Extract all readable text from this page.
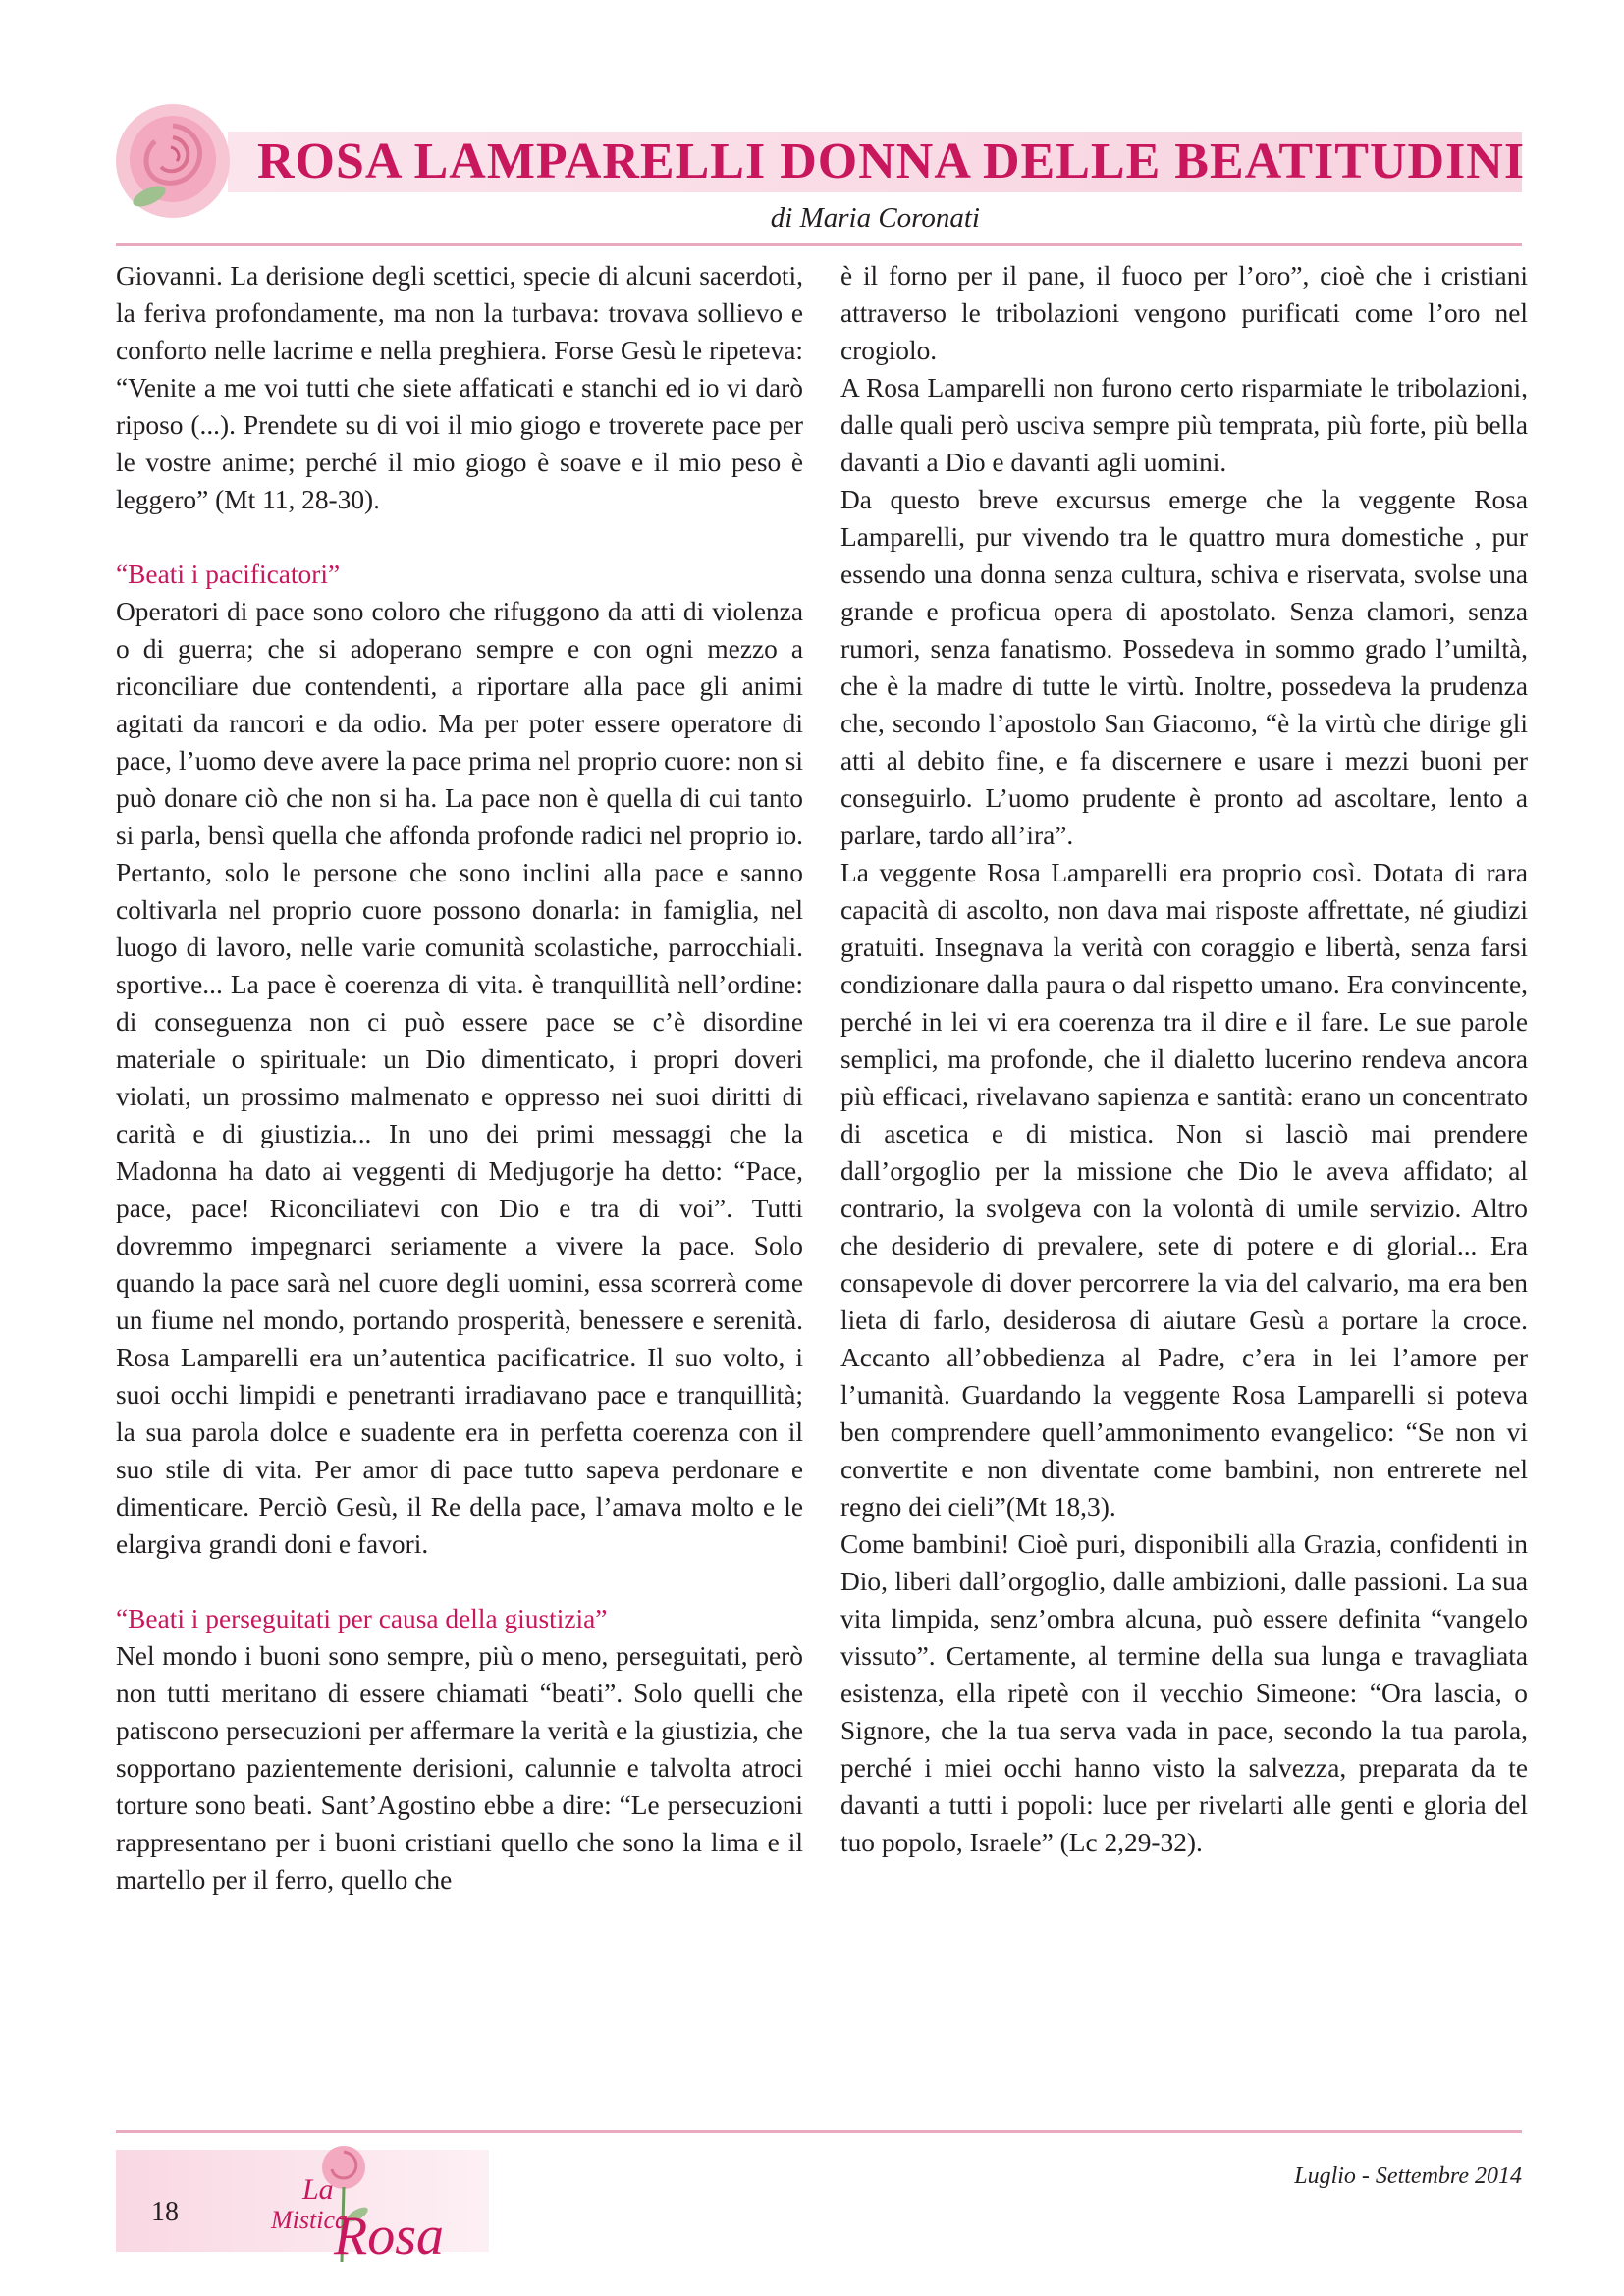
ROSA LAMPARELLI DONNA DELLE BEATITUDINI
di Maria Coronati

Giovanni. La derisione degli scettici, specie di alcuni sacerdoti, la feriva profondamente, ma non la turbava: trovava sollievo e conforto nelle lacrime e nella preghiera. Forse Gesù le ripeteva: “Venite a me voi tutti che siete affaticati e stanchi ed io vi darò riposo (...). Prendete su di voi il mio giogo e troverete pace per le vostre anime; perché il mio giogo è soave e il mio peso è leggero” (Mt 11, 28-30).

“Beati i pacificatori”

Operatori di pace sono coloro che rifuggono da atti di violenza o di guerra; che si adoperano sempre e con ogni mezzo a riconciliare due contendenti, a riportare alla pace gli animi agitati da rancori e da odio. Ma per poter essere operatore di pace, l’uomo deve avere la pace prima nel proprio cuore: non si può donare ciò che non si ha. La pace non è quella di cui tanto si parla, bensì quella che affonda profonde radici nel proprio io. Pertanto, solo le persone che sono inclini alla pace e sanno coltivarla nel proprio cuore possono donarla: in famiglia, nel luogo di lavoro, nelle varie comunità scolastiche, parrocchiali. sportive... La pace è coerenza di vita. è tranquillità nell’ordine: di conseguenza non ci può essere pace se c’è disordine materiale o spirituale: un Dio dimenticato, i propri doveri violati, un prossimo malmenato e oppresso nei suoi diritti di carità e di giustizia... In uno dei primi messaggi che la Madonna ha dato ai veggenti di Medjugorje ha detto: “Pace, pace, pace! Riconciliatevi con Dio e tra di voi”. Tutti dovremmo impegnarci seriamente a vivere la pace. Solo quando la pace sarà nel cuore degli uomini, essa scorrerà come un fiume nel mondo, portando prosperità, benessere e serenità. Rosa Lamparelli era un’autentica pacificatrice. Il suo volto, i suoi occhi limpidi e penetranti irradiavano pace e tranquillità; la sua parola dolce e suadente era in perfetta coerenza con il suo stile di vita. Per amor di pace tutto sapeva perdonare e dimenticare. Perciò Gesù, il Re della pace, l’amava molto e le elargiva grandi doni e favori.

“Beati i perseguitati per causa della giustizia”

Nel mondo i buoni sono sempre, più o meno, perseguitati, però non tutti meritano di essere chiamati “beati”. Solo quelli che patiscono persecuzioni per affermare la verità e la giustizia, che sopportano pazientemente derisioni, calunnie e talvolta atroci torture sono beati. Sant’Agostino ebbe a dire: “Le persecuzioni rappresentano per i buoni cristiani quello che sono la lima e il martello per il ferro, quello che

è il forno per il pane, il fuoco per l’oro”, cioè che i cristiani attraverso le tribolazioni vengono purificati come l’oro nel crogiolo.

A Rosa Lamparelli non furono certo risparmiate le tribolazioni, dalle quali però usciva sempre più temprata, più forte, più bella davanti a Dio e davanti agli uomini.

Da questo breve excursus emerge che la veggente Rosa Lamparelli, pur vivendo tra le quattro mura domestiche , pur essendo una donna senza cultura, schiva e riservata, svolse una grande e proficua opera di apostolato. Senza clamori, senza rumori, senza fanatismo. Possedeva in sommo grado l’umiltà, che è la madre di tutte le virtù. Inoltre, possedeva la prudenza che, secondo l’apostolo San Giacomo, “è la virtù che dirige gli atti al debito fine, e fa discernere e usare i mezzi buoni per conseguirlo. L’uomo prudente è pronto ad ascoltare, lento a parlare, tardo all’ira”.

La veggente Rosa Lamparelli era proprio così. Dotata di rara capacità di ascolto, non dava mai risposte affrettate, né giudizi gratuiti. Insegnava la verità con coraggio e libertà, senza farsi condizionare dalla paura o dal rispetto umano. Era convincente, perché in lei vi era coerenza tra il dire e il fare. Le sue parole semplici, ma profonde, che il dialetto lucerino rendeva ancora più efficaci, rivelavano sapienza e santità: erano un concentrato di ascetica e di mistica. Non si lasciò mai prendere dall’orgoglio per la missione che Dio le aveva affidato; al contrario, la svolgeva con la volontà di umile servizio. Altro che desiderio di prevalere, sete di potere e di glorial... Era consapevole di dover percorrere la via del calvario, ma era ben lieta di farlo, desiderosa di aiutare Gesù a portare la croce. Accanto all’obbedienza al Padre, c’era in lei l’amore per l’umanità. Guardando la veggente Rosa Lamparelli si poteva ben comprendere quell’ammonimento evangelico: “Se non vi convertite e non diventate come bambini, non entrerete nel regno dei cieli”(Mt 18,3).

Come bambini! Cioè puri, disponibili alla Grazia, confidenti in Dio, liberi dall’orgoglio, dalle ambizioni, dalle passioni. La sua vita limpida, senz’ombra alcuna, può essere definita “vangelo vissuto”. Certamente, al termine della sua lunga e travagliata esistenza, ella ripetè con il vecchio Simeone: “Ora lascia, o Signore, che la tua serva vada in pace, secondo la tua parola, perché i miei occhi hanno visto la salvezza, preparata da te davanti a tutti i popoli: luce per rivelarti alle genti e gloria del tuo popolo, Israele” (Lc 2,29-32).

18
La
Mistica
Rosa
Luglio - Settembre 2014
